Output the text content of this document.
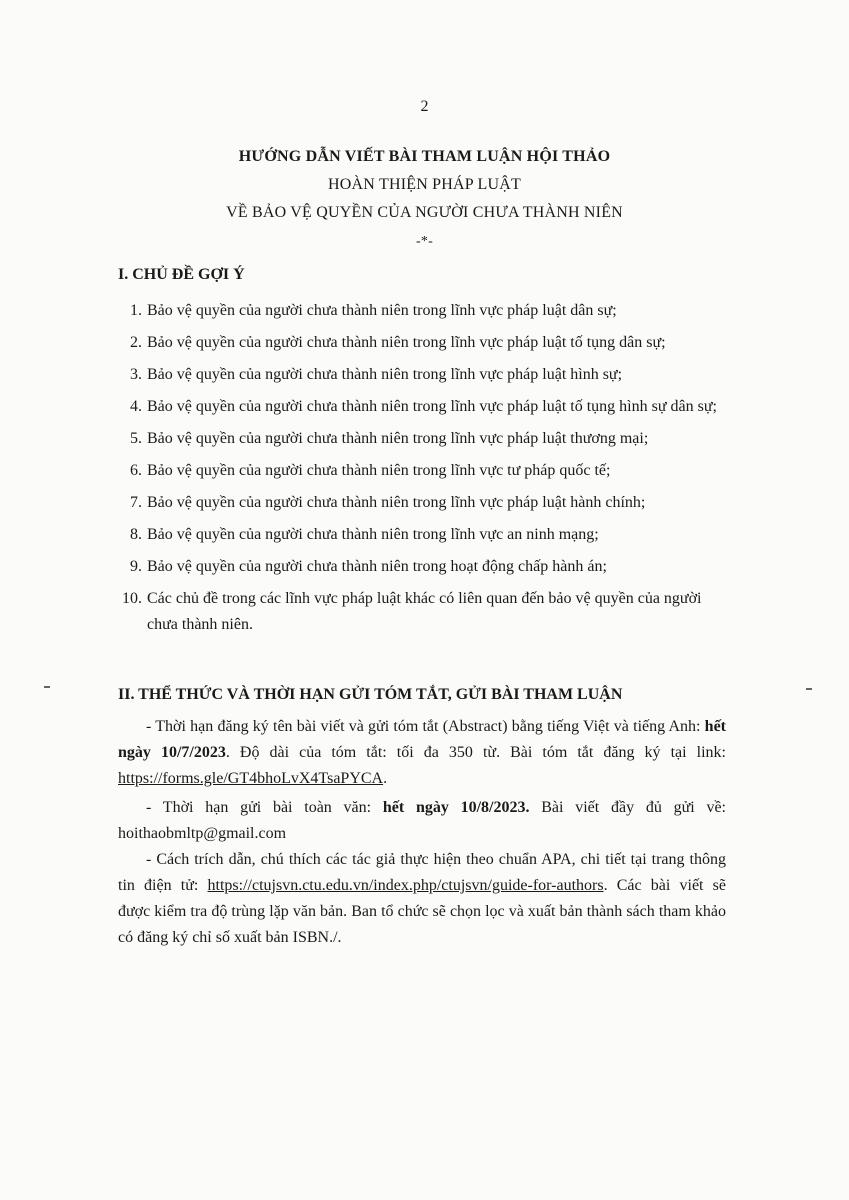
2
HƯỚNG DẪN VIẾT BÀI THAM LUẬN HỘI THẢO
HOÀN THIỆN PHÁP LUẬT
VỀ BẢO VỆ QUYỀN CỦA NGƯỜI CHƯA THÀNH NIÊN
-*-
I. CHỦ ĐỀ GỢI Ý
1. Bảo vệ quyền của người chưa thành niên trong lĩnh vực pháp luật dân sự;
2. Bảo vệ quyền của người chưa thành niên trong lĩnh vực pháp luật tố tụng dân sự;
3. Bảo vệ quyền của người chưa thành niên trong lĩnh vực pháp luật hình sự;
4. Bảo vệ quyền của người chưa thành niên trong lĩnh vực pháp luật tố tụng hình sự dân sự;
5. Bảo vệ quyền của người chưa thành niên trong lĩnh vực pháp luật thương mại;
6. Bảo vệ quyền của người chưa thành niên trong lĩnh vực tư pháp quốc tế;
7. Bảo vệ quyền của người chưa thành niên trong lĩnh vực pháp luật hành chính;
8. Bảo vệ quyền của người chưa thành niên trong lĩnh vực an ninh mạng;
9. Bảo vệ quyền của người chưa thành niên trong hoạt động chấp hành án;
10. Các chủ đề trong các lĩnh vực pháp luật khác có liên quan đến bảo vệ quyền của người chưa thành niên.
II. THỂ THỨC VÀ THỜI HẠN GỬI TÓM TẮT, GỬI BÀI THAM LUẬN
- Thời hạn đăng ký tên bài viết và gửi tóm tắt (Abstract) bằng tiếng Việt và tiếng Anh: hết ngày 10/7/2023. Độ dài của tóm tắt: tối đa 350 từ. Bài tóm tắt đăng ký tại link: https://forms.gle/GT4bhoLvX4TsaPYCA.
- Thời hạn gửi bài toàn văn: hết ngày 10/8/2023. Bài viết đầy đủ gửi về: hoithaobmltp@gmail.com
- Cách trích dẫn, chú thích các tác giả thực hiện theo chuẩn APA, chi tiết tại trang thông tin điện tử: https://ctujsvn.ctu.edu.vn/index.php/ctujsvn/guide-for-authors. Các bài viết sẽ được kiểm tra độ trùng lặp văn bản. Ban tổ chức sẽ chọn lọc và xuất bản thành sách tham khảo có đăng ký chỉ số xuất bản ISBN./.
